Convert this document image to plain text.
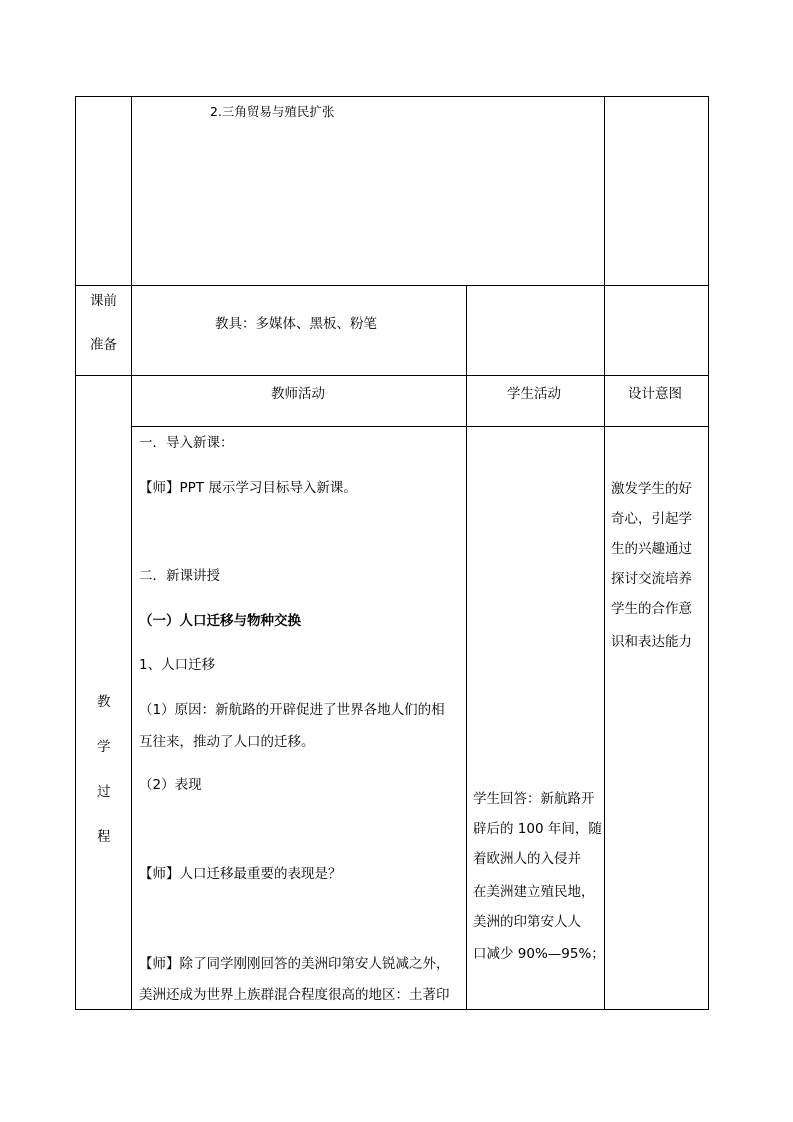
2.三角贸易与殖民扩张
课前
准备
教具：多媒体、黑板、粉笔
教师活动	学生活动	设计意图
教
学
过
程
一．导入新课：
【师】PPT 展示学习目标导入新课。
二．新课讲授
（一）人口迁移与物种交换
1、人口迁移
（1）原因：新航路的开辟促进了世界各地人们的相
互往来，推动了人口的迁移。
（2）表现
【师】人口迁移最重要的表现是？
【师】除了同学刚刚回答的美洲印第安人锐减之外，
美洲还成为世界上族群混合程度很高的地区：土著印
学生回答：新航路开
辟后的 100 年间，随
着欧洲人的入侵并
在美洲建立殖民地，
美洲的印第安人人
口减少 90%—95%；
激发学生的好
奇心，引起学
生的兴趣通过
探讨交流培养
学生的合作意
识和表达能力
